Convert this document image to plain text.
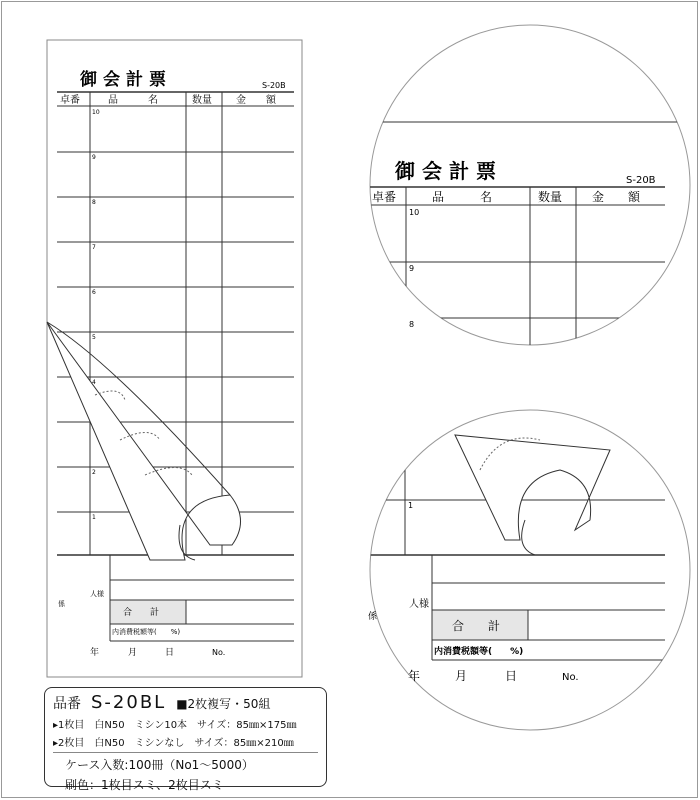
御会計票	S-20B
卓番	品　　　名	数量 金　　額
10
9
8
7
6
5
4
2
1
人様
係
合　　計
内消費税額等(　　%)
年	月	日	No.
御会計票	S-20B
卓番	品　　　名	数量 金　　額
10
9
8
1
人様
係
合　　計
内消費税額等(　　%)
年	月	日	No.
品番 S-20BL ■2枚複写・50組
▸1枚目　白N50　ミシン10本　サイズ：85㎜×175㎜
▸2枚目　白N50　ミシンなし　サイズ：85㎜×210㎜
ケース入数:100冊（No1〜5000）
刷色：1枚目スミ、2枚目スミ
